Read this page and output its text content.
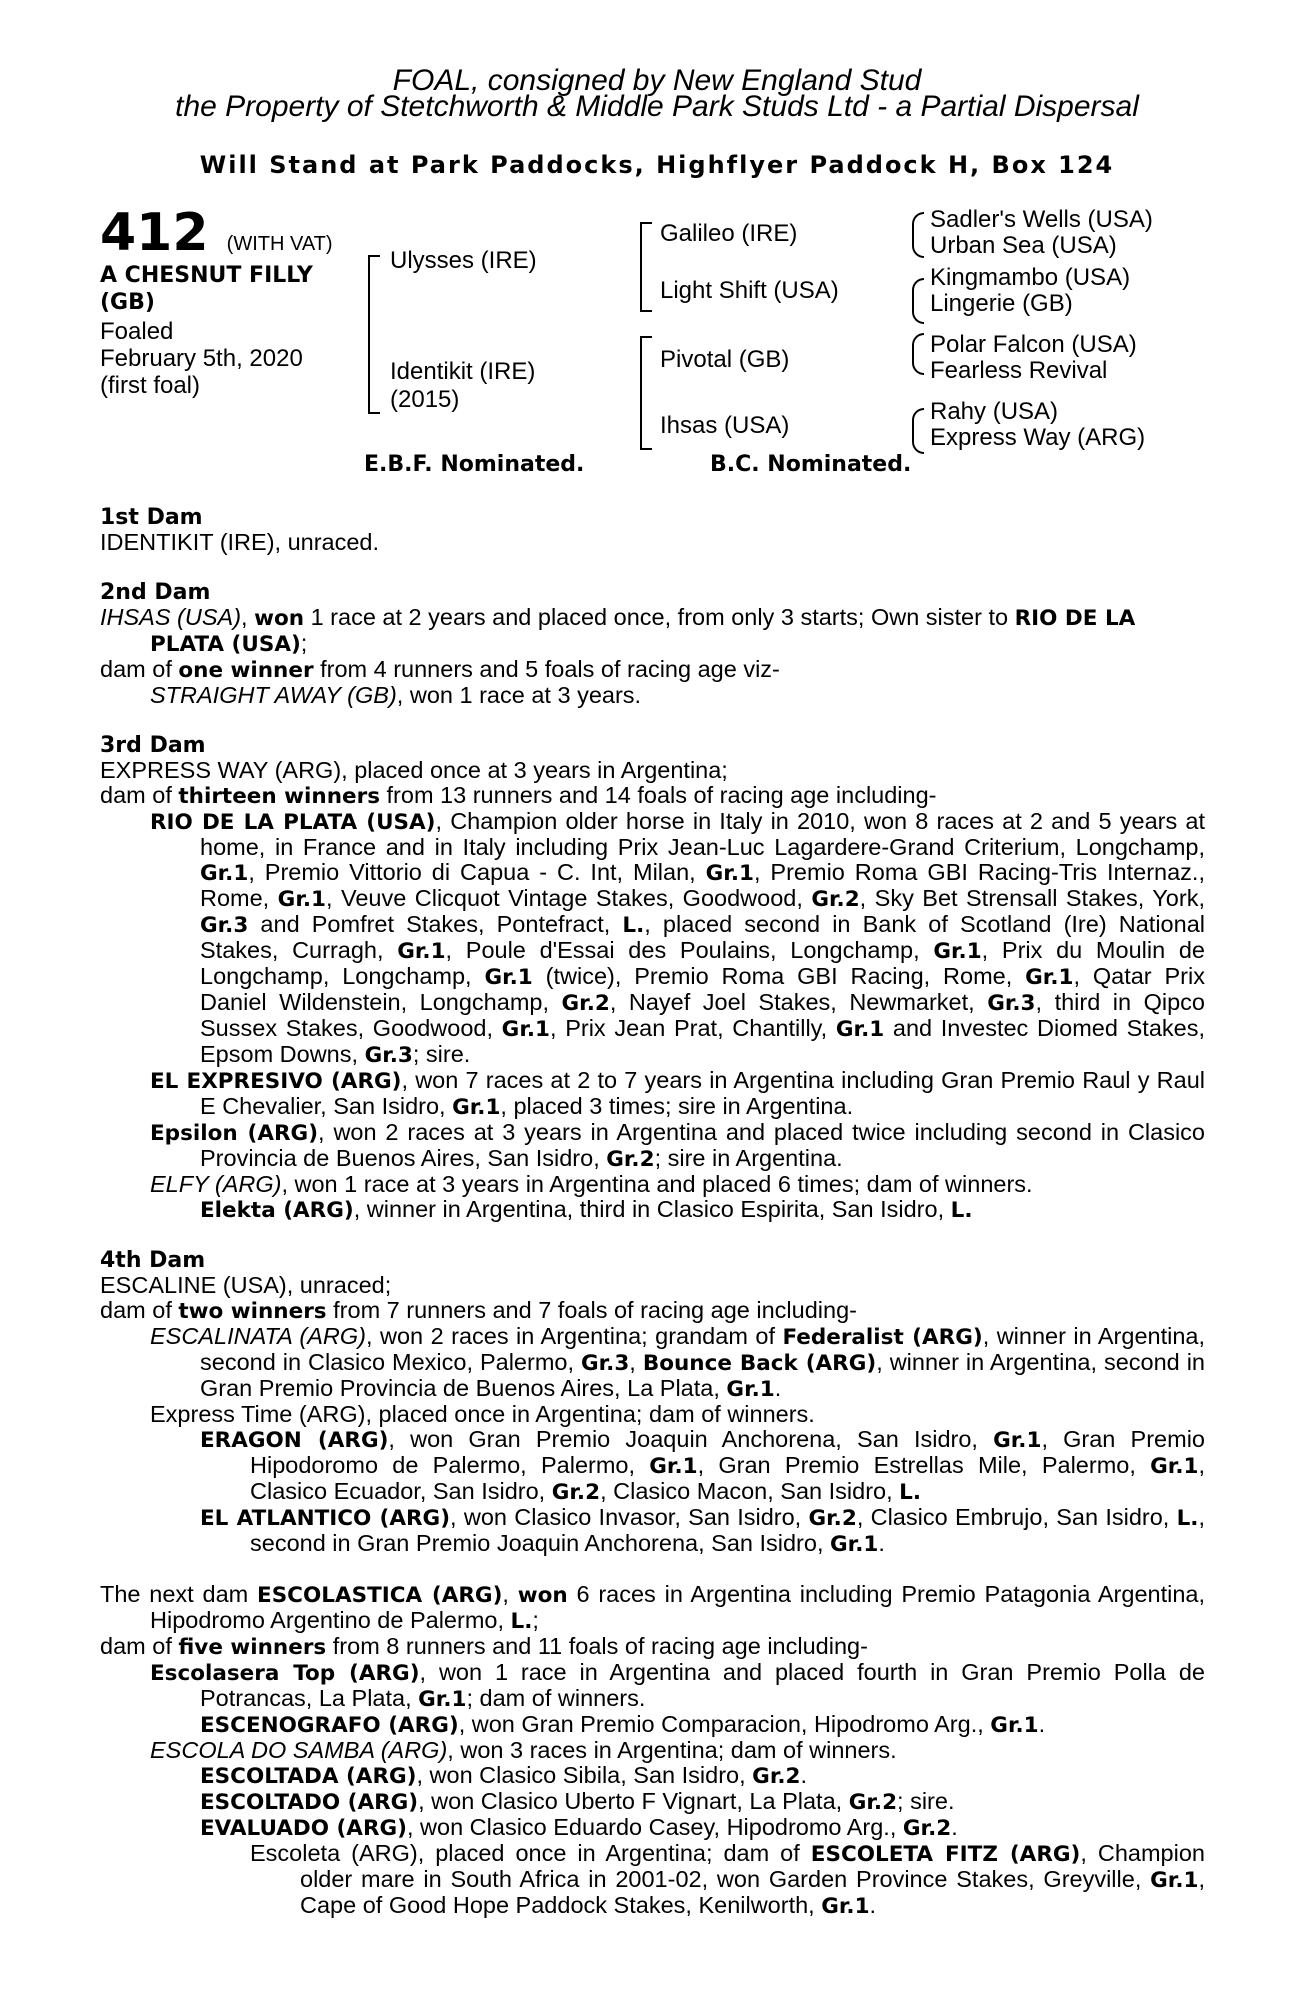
FOAL, consigned by New England Stud
the Property of Stetchworth & Middle Park Studs Ltd - a Partial Dispersal
Will Stand at Park Paddocks, Highflyer Paddock H, Box 124
412 (WITH VAT)
A CHESNUT FILLY
(GB)
Foaled
February 5th, 2020
(first foal)
Ulysses (IRE)
Identikit (IRE)
(2015)
Galileo (IRE)
Light Shift (USA)
Pivotal (GB)
Ihsas (USA)
Sadler's Wells (USA)
Urban Sea (USA)
Kingmambo (USA)
Lingerie (GB)
Polar Falcon (USA)
Fearless Revival
Rahy (USA)
Express Way (ARG)
E.B.F. Nominated.	B.C. Nominated.

1st Dam

IDENTIKIT (IRE), unraced.

2nd Dam

IHSAS (USA), won 1 race at 2 years and placed once, from only 3 starts; Own sister to RIO DE LA PLATA (USA);

dam of one winner from 4 runners and 5 foals of racing age viz-

STRAIGHT AWAY (GB), won 1 race at 3 years.

3rd Dam

EXPRESS WAY (ARG), placed once at 3 years in Argentina;

dam of thirteen winners from 13 runners and 14 foals of racing age including-

RIO DE LA PLATA (USA), Champion older horse in Italy in 2010, won 8 races at 2 and 5 years at home, in France and in Italy including Prix Jean-Luc Lagardere-Grand Criterium, Longchamp, Gr.1, Premio Vittorio di Capua - C. Int, Milan, Gr.1, Premio Roma GBI Racing-Tris Internaz., Rome, Gr.1, Veuve Clicquot Vintage Stakes, Goodwood, Gr.2, Sky Bet Strensall Stakes, York, Gr.3 and Pomfret Stakes, Pontefract, L., placed second in Bank of Scotland (Ire) National Stakes, Curragh, Gr.1, Poule d'Essai des Poulains, Longchamp, Gr.1, Prix du Moulin de Longchamp, Longchamp, Gr.1 (twice), Premio Roma GBI Racing, Rome, Gr.1, Qatar Prix Daniel Wildenstein, Longchamp, Gr.2, Nayef Joel Stakes, Newmarket, Gr.3, third in Qipco Sussex Stakes, Goodwood, Gr.1, Prix Jean Prat, Chantilly, Gr.1 and Investec Diomed Stakes, Epsom Downs, Gr.3; sire.

EL EXPRESIVO (ARG), won 7 races at 2 to 7 years in Argentina including Gran Premio Raul y Raul E Chevalier, San Isidro, Gr.1, placed 3 times; sire in Argentina.

Epsilon (ARG), won 2 races at 3 years in Argentina and placed twice including second in Clasico Provincia de Buenos Aires, San Isidro, Gr.2; sire in Argentina.

ELFY (ARG), won 1 race at 3 years in Argentina and placed 6 times; dam of winners.

Elekta (ARG), winner in Argentina, third in Clasico Espirita, San Isidro, L.

4th Dam

ESCALINE (USA), unraced;

dam of two winners from 7 runners and 7 foals of racing age including-

ESCALINATA (ARG), won 2 races in Argentina; grandam of Federalist (ARG), winner in Argentina, second in Clasico Mexico, Palermo, Gr.3, Bounce Back (ARG), winner in Argentina, second in Gran Premio Provincia de Buenos Aires, La Plata, Gr.1.

Express Time (ARG), placed once in Argentina; dam of winners.

ERAGON (ARG), won Gran Premio Joaquin Anchorena, San Isidro, Gr.1, Gran Premio Hipodoromo de Palermo, Palermo, Gr.1, Gran Premio Estrellas Mile, Palermo, Gr.1, Clasico Ecuador, San Isidro, Gr.2, Clasico Macon, San Isidro, L.

EL ATLANTICO (ARG), won Clasico Invasor, San Isidro, Gr.2, Clasico Embrujo, San Isidro, L., second in Gran Premio Joaquin Anchorena, San Isidro, Gr.1.

The next dam ESCOLASTICA (ARG), won 6 races in Argentina including Premio Patagonia Argentina, Hipodromo Argentino de Palermo, L.;

dam of five winners from 8 runners and 11 foals of racing age including-

Escolasera Top (ARG), won 1 race in Argentina and placed fourth in Gran Premio Polla de Potrancas, La Plata, Gr.1; dam of winners.

ESCENOGRAFO (ARG), won Gran Premio Comparacion, Hipodromo Arg., Gr.1.

ESCOLA DO SAMBA (ARG), won 3 races in Argentina; dam of winners.

ESCOLTADA (ARG), won Clasico Sibila, San Isidro, Gr.2.

ESCOLTADO (ARG), won Clasico Uberto F Vignart, La Plata, Gr.2; sire.

EVALUADO (ARG), won Clasico Eduardo Casey, Hipodromo Arg., Gr.2.

Escoleta (ARG), placed once in Argentina; dam of ESCOLETA FITZ (ARG), Champion older mare in South Africa in 2001-02, won Garden Province Stakes, Greyville, Gr.1, Cape of Good Hope Paddock Stakes, Kenilworth, Gr.1.
